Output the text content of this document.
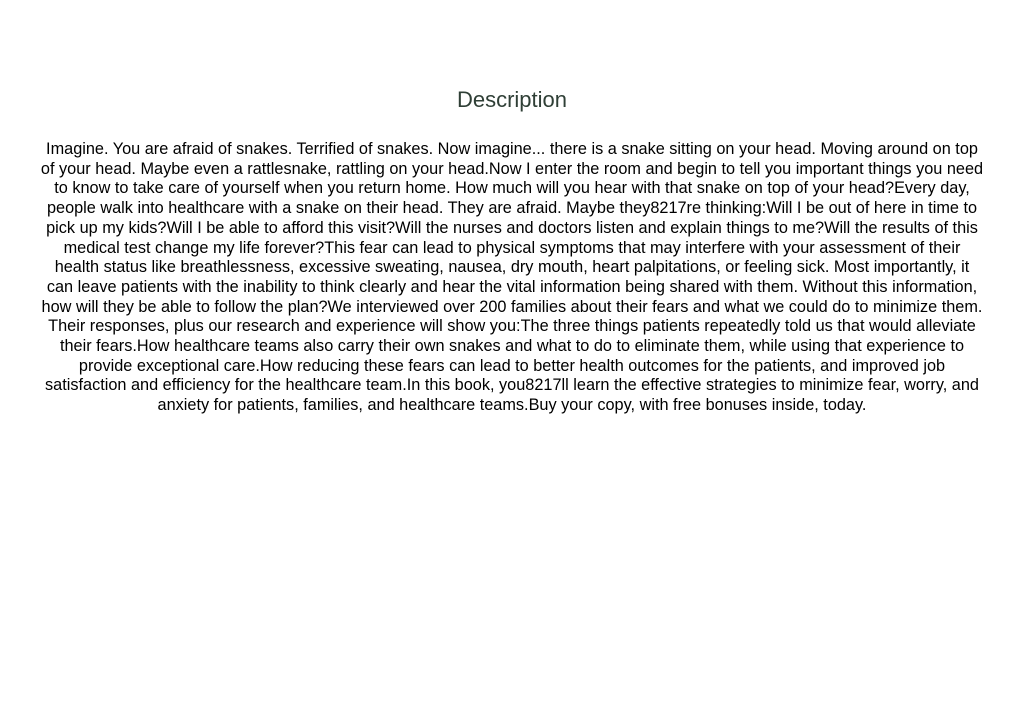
Description
Imagine. You are afraid of snakes. Terrified of snakes. Now imagine... there is a snake sitting on your head. Moving around on top of your head. Maybe even a rattlesnake, rattling on your head.Now I enter the room and begin to tell you important things you need to know to take care of yourself when you return home. How much will you hear with that snake on top of your head?Every day, people walk into healthcare with a snake on their head. They are afraid. Maybe they8217re thinking:Will I be out of here in time to pick up my kids?Will I be able to afford this visit?Will the nurses and doctors listen and explain things to me?Will the results of this medical test change my life forever?This fear can lead to physical symptoms that may interfere with your assessment of their health status like breathlessness, excessive sweating, nausea, dry mouth, heart palpitations, or feeling sick. Most importantly, it can leave patients with the inability to think clearly and hear the vital information being shared with them. Without this information, how will they be able to follow the plan?We interviewed over 200 families about their fears and what we could do to minimize them. Their responses, plus our research and experience will show you:The three things patients repeatedly told us that would alleviate their fears.How healthcare teams also carry their own snakes and what to do to eliminate them, while using that experience to provide exceptional care.How reducing these fears can lead to better health outcomes for the patients, and improved job satisfaction and efficiency for the healthcare team.In this book, you8217ll learn the effective strategies to minimize fear, worry, and anxiety for patients, families, and healthcare teams.Buy your copy, with free bonuses inside, today.
